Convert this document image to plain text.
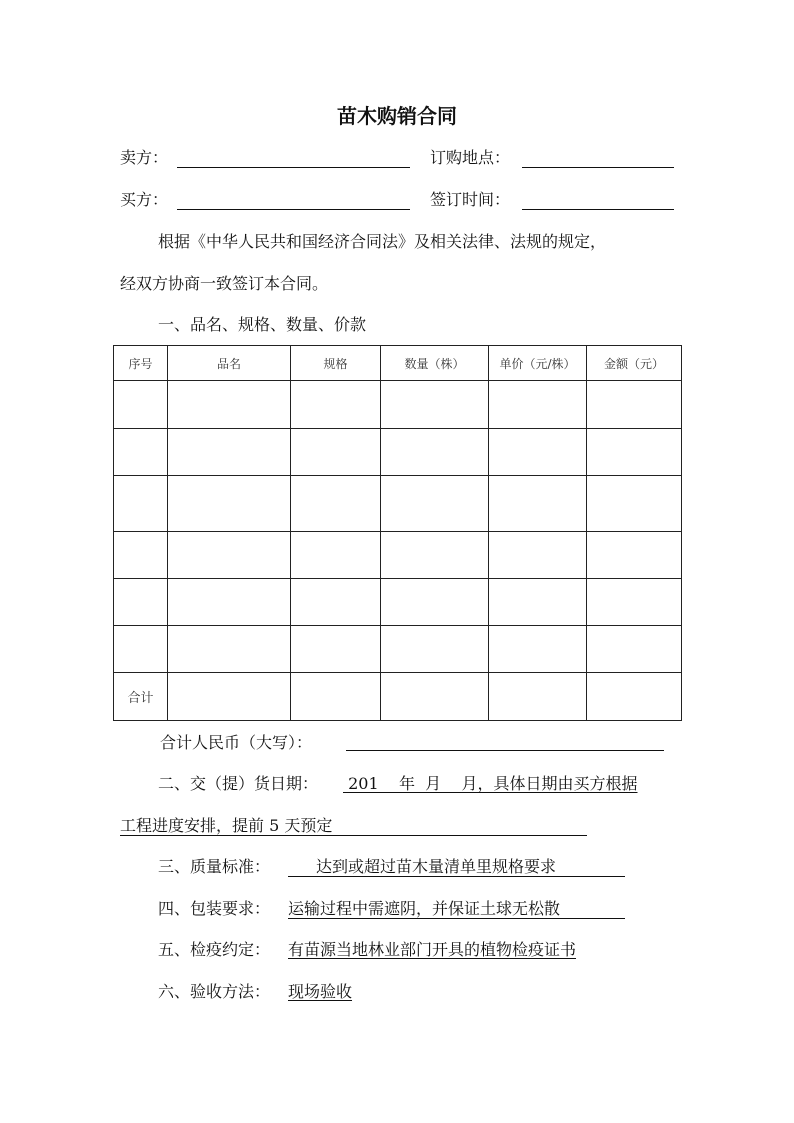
苗木购销合同
卖方：	订购地点：
买方：	签订时间：
根据《中华人民共和国经济合同法》及相关法律、法规的规定，
经双方协商一致签订本合同。
一、品名、规格、数量、价款
序号	品名	规格	数量（株）	单价（元/株）	金额（元）

合计					
合计人民币（大写）：
二、交（提）货日期： 201    年  月    月，具体日期由买方根据
工程进度安排，提前 5 天预定
三、质量标准：	达到或超过苗木量清单里规格要求
四、包装要求： 运输过程中需遮阴，并保证土球无松散
五、检疫约定： 有苗源当地林业部门开具的植物检疫证书
六、验收方法： 现场验收
